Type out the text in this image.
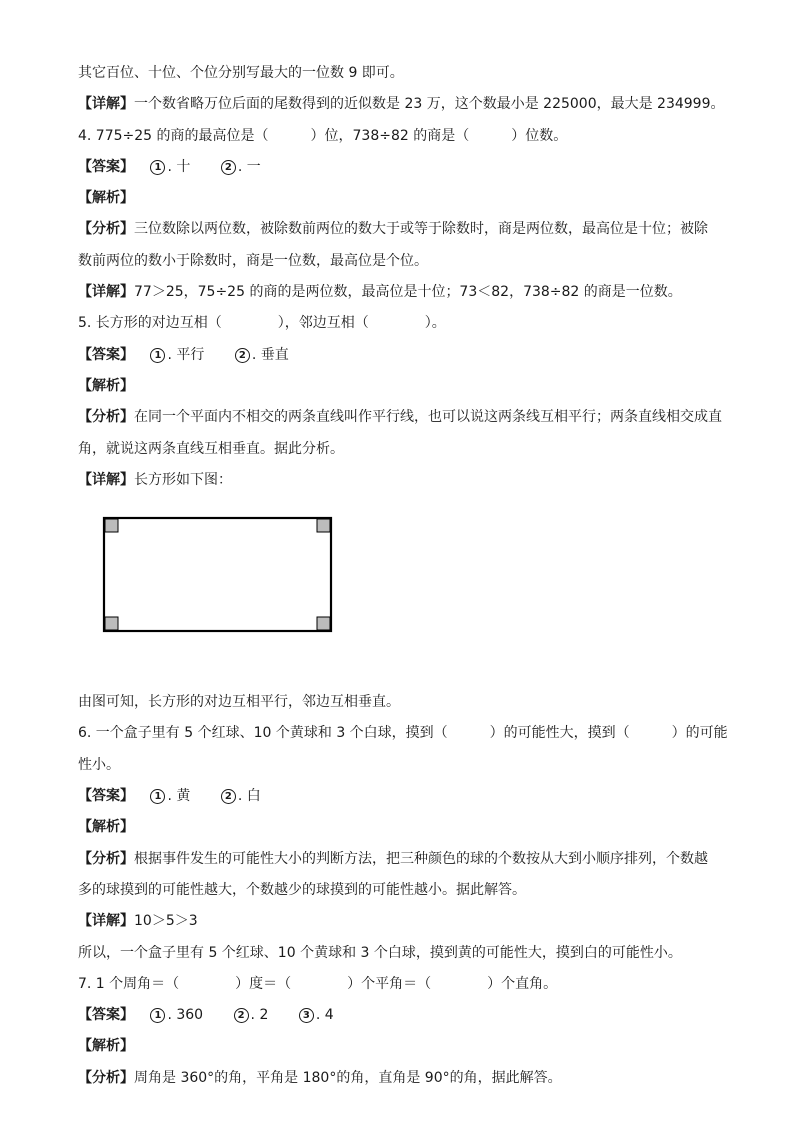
其它百位、十位、个位分别写最大的一位数 9 即可。
【详解】一个数省略万位后面的尾数得到的近似数是 23 万，这个数最小是 225000，最大是 234999。
4. 775÷25 的商的最高位是（　　　）位，738÷82 的商是（　　　）位数。
【答案】 1 . 十	2 . 一
【解析】
【分析】三位数除以两位数，被除数前两位的数大于或等于除数时，商是两位数，最高位是十位；被除
数前两位的数小于除数时，商是一位数，最高位是个位。
【详解】77＞25，75÷25 的商的是两位数，最高位是十位；73＜82，738÷82 的商是一位数。
5. 长方形的对边互相（　　　　），邻边互相（　　　　）。
【答案】 1 . 平行	2 . 垂直
【解析】
【分析】在同一个平面内不相交的两条直线叫作平行线，也可以说这两条线互相平行；两条直线相交成直
角，就说这两条直线互相垂直。据此分析。
【详解】长方形如下图：
由图可知，长方形的对边互相平行，邻边互相垂直。
6. 一个盒子里有 5 个红球、10 个黄球和 3 个白球，摸到（　　　）的可能性大，摸到（　　　）的可能
性小。
【答案】 1 . 黄	2 . 白
【解析】
【分析】根据事件发生的可能性大小的判断方法，把三种颜色的球的个数按从大到小顺序排列，个数越
多的球摸到的可能性越大，个数越少的球摸到的可能性越小。据此解答。
【详解】10＞5＞3
所以，一个盒子里有 5 个红球、10 个黄球和 3 个白球，摸到黄的可能性大，摸到白的可能性小。
7. 1 个周角＝（　　　　）度＝（　　　　）个平角＝（　　　　）个直角。
【答案】 1 . 360	2 . 2	3 . 4
【解析】
【分析】周角是 360°的角，平角是 180°的角，直角是 90°的角，据此解答。
